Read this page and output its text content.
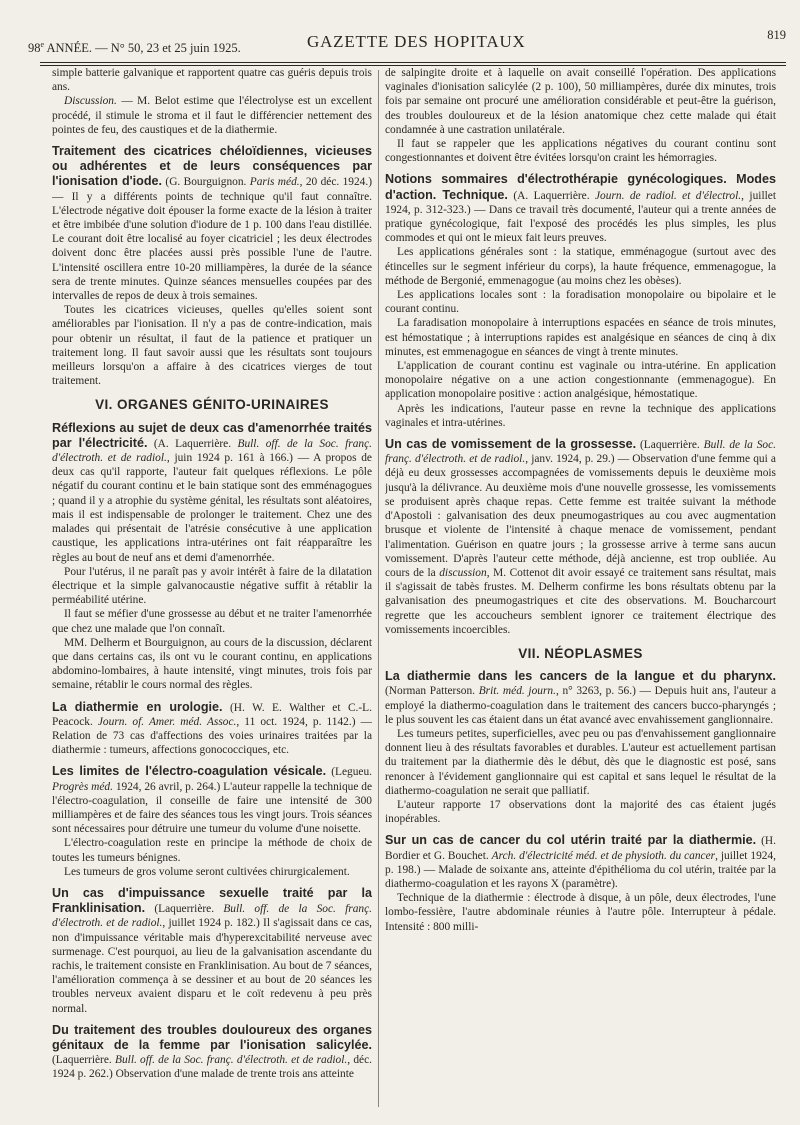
98e ANNÉE. — N° 50, 23 et 25 juin 1925.	GAZETTE DES HOPITAUX	819

simple batterie galvanique et rapportent quatre cas guéris depuis trois ans.

Discussion. — M. Belot estime que l'électrolyse est un excellent procédé, il stimule le stroma et il faut le différencier nettement des pointes de feu, des caustiques et de la diathermie.

Traitement des cicatrices chéloïdiennes, vicieuses ou adhérentes et de leurs conséquences par l'ionisation d'iode. (G. Bourguignon. Paris méd., 20 déc. 1924.) — Il y a différents points de technique qu'il faut connaître. L'électrode négative doit épouser la forme exacte de la lésion à traiter et être imbibée d'une solution d'iodure de 1 p. 100 dans l'eau distillée. Le courant doit être localisé au foyer cicatriciel ; les deux électrodes doivent donc être placées aussi près possible l'une de l'autre. L'intensité oscillera entre 10-20 milliampères, la durée de la séance sera de trente minutes. Quinze séances mensuelles coupées par des intervalles de repos de deux à trois semaines.

Toutes les cicatrices vicieuses, quelles qu'elles soient sont améliorables par l'ionisation. Il n'y a pas de contre-indication, mais pour obtenir un résultat, il faut de la patience et pratiquer un traitement long. Il faut savoir aussi que les résultats sont toujours meilleurs lorsqu'on a affaire à des cicatrices vierges de tout traitement.

VI. ORGANES GÉNITO-URINAIRES

Réflexions au sujet de deux cas d'amenorrhée traités par l'électricité. (A. Laquerrière. Bull. off. de la Soc. franç. d'électroth. et de radiol., juin 1924 p. 161 à 166.) — A propos de deux cas qu'il rapporte, l'auteur fait quelques réflexions. Le pôle négatif du courant continu et le bain statique sont des emménagogues ; quand il y a atrophie du système génital, les résultats sont aléatoires, mais il est indispensable de prolonger le traitement. Chez une des malades qui présentait de l'atrésie consécutive à une application caustique, les applications intra-utérines ont fait réapparaître les règles au bout de neuf ans et demi d'amenorrhée.

Pour l'utérus, il ne paraît pas y avoir intérêt à faire de la dilatation électrique et la simple galvanocaustie négative suffit à rétablir la perméabilité utérine.

Il faut se méfier d'une grossesse au début et ne traiter l'amenorrhée que chez une malade que l'on connaît.

MM. Delherm et Bourguignon, au cours de la discussion, déclarent que dans certains cas, ils ont vu le courant continu, en applications abdomino-lombaires, à haute intensité, vingt minutes, trois fois par semaine, rétablir le cours normal des règles.

La diathermie en urologie. (H. W. E. Walther et C.-L. Peacock. Journ. of. Amer. méd. Assoc., 11 oct. 1924, p. 1142.) — Relation de 73 cas d'affections des voies urinaires traitées par la diathermie : tumeurs, affections gonococciques, etc.

Les limites de l'électro-coagulation vésicale. (Legueu. Progrès méd. 1924, 26 avril, p. 264.) L'auteur rappelle la technique de l'électro-coagulation, il conseille de faire une intensité de 300 milliampères et de faire des séances tous les vingt jours. Trois séances sont nécessaires pour détruire une tumeur du volume d'une noisette.

L'électro-coagulation reste en principe la méthode de choix de toutes les tumeurs bénignes.

Les tumeurs de gros volume seront cultivées chirurgicalement.

Un cas d'impuissance sexuelle traité par la Franklinisation. (Laquerrière. Bull. off. de la Soc. franç. d'électroth. et de radiol., juillet 1924 p. 182.) Il s'agissait dans ce cas, non d'impuissance véritable mais d'hyperexcitabilité nerveuse avec surmenage. C'est pourquoi, au lieu de la galvanisation ascendante du rachis, le traitement consiste en Franklinisation. Au bout de 7 séances, l'amélioration commença à se dessiner et au bout de 20 séances les troubles nerveux avaient disparu et le coït redevenu à peu près normal.

Du traitement des troubles douloureux des organes génitaux de la femme par l'ionisation salicylée. (Laquerrière. Bull. off. de la Soc. franç. d'électroth. et de radiol., déc. 1924 p. 262.) Observation d'une malade de trente trois ans atteinte

de salpingite droite et à laquelle on avait conseillé l'opération. Des applications vaginales d'ionisation salicylée (2 p. 100), 50 milliampères, durée dix minutes, trois fois par semaine ont procuré une amélioration considérable et peut-être la guérison, des troubles douloureux et de la lésion anatomique chez cette malade qui était condamnée à une castration unilatérale.

Il faut se rappeler que les applications négatives du courant continu sont congestionnantes et doivent être évitées lorsqu'on craint les hémorragies.

Notions sommaires d'électrothérapie gynécologiques. Modes d'action. Technique. (A. Laquerrière. Journ. de radiol. et d'électrol., juillet 1924, p. 312-323.) — Dans ce travail très documenté, l'auteur qui a trente années de pratique gynécologique, fait l'exposé des procédés les plus simples, les plus commodes et qui ont le mieux fait leurs preuves.

Les applications générales sont : la statique, emménagogue (surtout avec des étincelles sur le segment inférieur du corps), la haute fréquence, emmenagogue, la méthode de Bergonié, emmenagogue (au moins chez les obèses).

Les applications locales sont : la foradisation monopolaire ou bipolaire et le courant continu.

La faradisation monopolaire à interruptions espacées en séance de trois minutes, est hémostatique ; à interruptions rapides est analgésique en séances de cinq à dix minutes, est emmenagogue en séances de vingt à trente minutes.

L'application de courant continu est vaginale ou intra-utérine. En application monopolaire négative on a une action congestionnante (emmenagogue). En application monopolaire positive : action analgésique, hémostatique.

Après les indications, l'auteur passe en revne la technique des applications vaginales et intra-utérines.

Un cas de vomissement de la grossesse. (Laquerrière. Bull. de la Soc. franç. d'électroth. et de radiol., janv. 1924, p. 29.) — Observation d'une femme qui a déjà eu deux grossesses accompagnées de vomissements depuis le deuxième mois jusqu'à la délivrance. Au deuxième mois d'une nouvelle grossesse, les vomissements se produisent après chaque repas. Cette femme est traitée suivant la méthode d'Apostoli : galvanisation des deux pneumogastriques au cou avec augmentation brusque et violente de l'intensité à chaque menace de vomissement, pendant l'alimentation. Guérison en quatre jours ; la grossesse arrive à terme sans aucun vomissement. D'après l'auteur cette méthode, déjà ancienne, est trop oubliée. Au cours de la discussion, M. Cottenot dit avoir essayé ce traitement sans résultat, mais il s'agissait de tabès frustes. M. Delherm confirme les bons résultats obtenu par la galvanisation des pneumogastriques et cite des observations. M. Boucharcourt regrette que les accoucheurs semblent ignorer ce traitement électrique des vomissements incoercibles.

VII. NÉOPLASMES

La diathermie dans les cancers de la langue et du pharynx. (Norman Patterson. Brit. méd. journ., n° 3263, p. 56.) — Depuis huit ans, l'auteur a employé la diathermo-coagulation dans le traitement des cancers bucco-pharyngés ; le plus souvent les cas étaient dans un état avancé avec envahissement ganglionnaire.

Les tumeurs petites, superficielles, avec peu ou pas d'envahissement ganglionnaire donnent lieu à des résultats favorables et durables. L'auteur est actuellement partisan du traitement par la diathermie dès le début, dès que le diagnostic est posé, sans renoncer à l'évidement ganglionnaire qui est capital et sans lequel le résultat de la diathermo-coagulation ne serait que palliatif.

L'auteur rapporte 17 observations dont la majorité des cas étaient jugés inopérables.

Sur un cas de cancer du col utérin traité par la diathermie. (H. Bordier et G. Bouchet. Arch. d'électricité méd. et de physioth. du cancer, juillet 1924, p. 198.) — Malade de soixante ans, atteinte d'épithélioma du col utérin, traitée par la diathermo-coagulation et les rayons X (paramètre).

Technique de la diathermie : électrode à disque, à un pôle, deux électrodes, l'une lombo-fessière, l'autre abdominale réunies à l'autre pôle. Interrupteur à pédale. Intensité : 800 milli-
